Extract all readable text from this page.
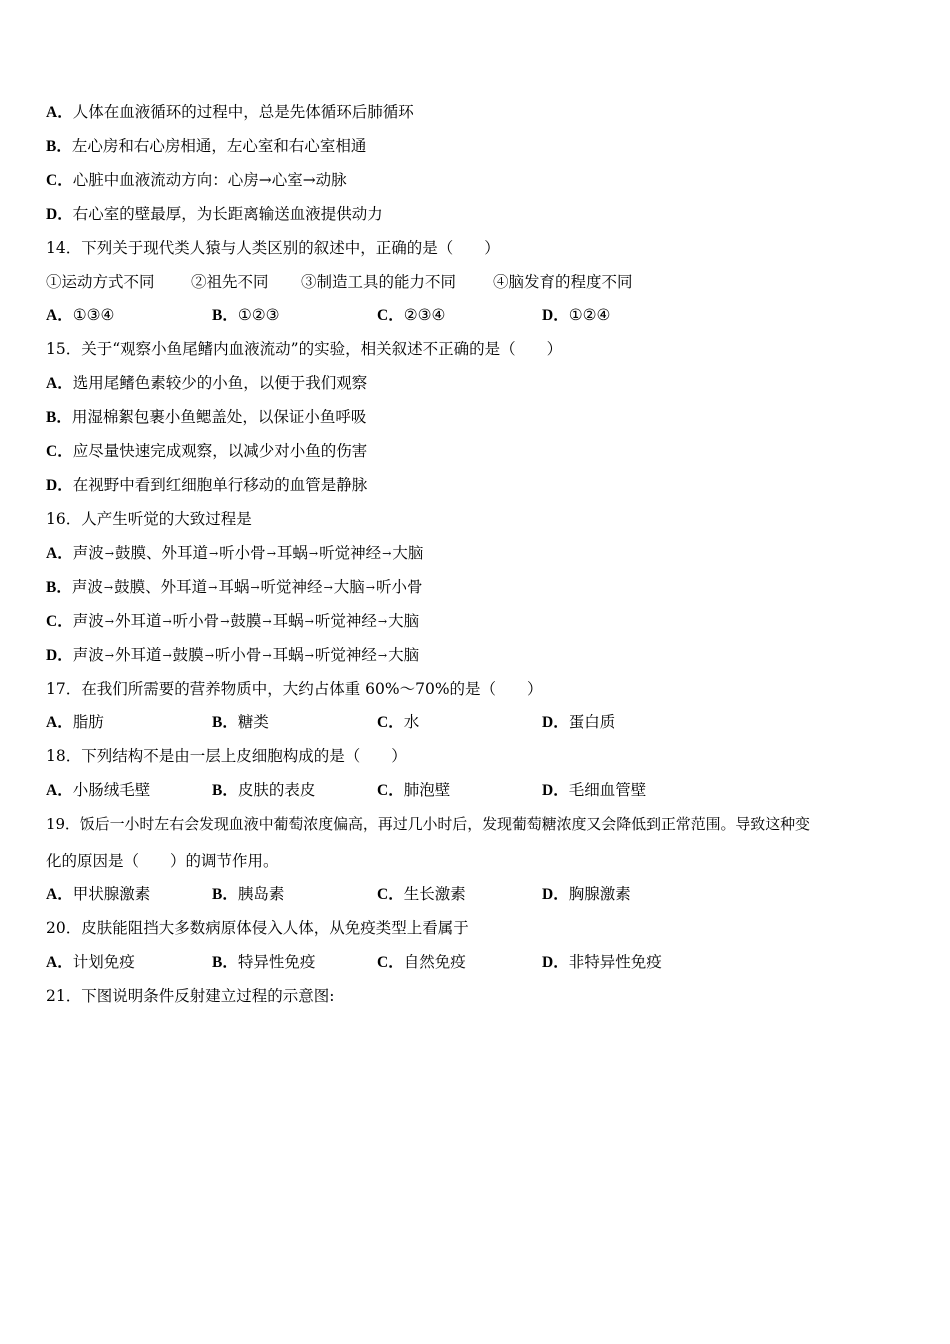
A．人体在血液循环的过程中，总是先体循环后肺循环
B．左心房和右心房相通，左心室和右心室相通
C．心脏中血液流动方向：心房→心室→动脉
D．右心室的壁最厚，为长距离输送血液提供动力
14．下列关于现代类人猿与人类区别的叙述中，正确的是（　　）
①运动方式不同 ②祖先不同 ③制造工具的能力不同 ④脑发育的程度不同
A．①③④	B．①②③	C．②③④	D．①②④
15．关于“观察小鱼尾鳍内血液流动”的实验，相关叙述不正确的是（　　）
A．选用尾鳍色素较少的小鱼，以便于我们观察
B．用湿棉絮包裹小鱼鳃盖处，以保证小鱼呼吸
C．应尽量快速完成观察，以减少对小鱼的伤害
D．在视野中看到红细胞单行移动的血管是静脉
16．人产生听觉的大致过程是
A．声波→鼓膜、外耳道→听小骨→耳蜗→听觉神经→大脑
B．声波→鼓膜、外耳道→耳蜗→听觉神经→大脑→听小骨
C．声波→外耳道→听小骨→鼓膜→耳蜗→听觉神经→大脑
D．声波→外耳道→鼓膜→听小骨→耳蜗→听觉神经→大脑
17．在我们所需要的营养物质中，大约占体重 60%～70%的是（　　）
A．脂肪	B．糖类	C．水	D．蛋白质
18．下列结构不是由一层上皮细胞构成的是（　　）
A．小肠绒毛壁	B．皮肤的表皮	C．肺泡壁	D．毛细血管壁
19．饭后一小时左右会发现血液中葡萄浓度偏高，再过几小时后，发现葡萄糖浓度又会降低到正常范围。导致这种变
化的原因是（　　）的调节作用。
A．甲状腺激素	B．胰岛素	C．生长激素	D．胸腺激素
20．皮肤能阻挡大多数病原体侵入人体，从免疫类型上看属于
A．计划免疫	B．特异性免疫	C．自然免疫	D．非特异性免疫
21．下图说明条件反射建立过程的示意图:
